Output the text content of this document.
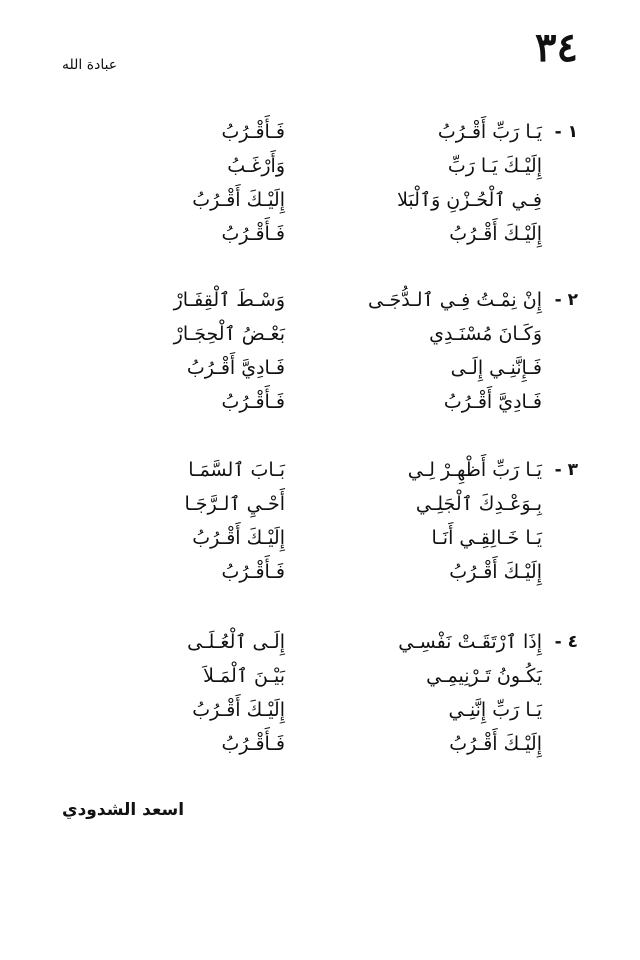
٣٤
عبادة الله
١ -
يَـا رَبِّ أَقْـرُبُ
إِلَيْـكَ يَـا رَبِّ
فِـي ٱلْحُـزْنِ وَٱلْبَلا
إِلَيْـكَ أَقْـرُبُ
فَـأَقْـرُبُ
وَأَرْغَـبُ
إِلَيْـكَ أَقْـرُبُ
فَـأَقْـرُبُ
٢ -
إِنْ نِمْـتُ فِـي ٱلـدُّجَـى
وَكَـانَ مُسْنَـدِي
فَـإِنَّنِـي إِلَـى
فَـادِيَّ أَقْـرُبُ
وَسْـطَ ٱلْقِفَـارْ
بَعْـضُ ٱلْحِجَـارْ
فَـادِيَّ أَقْـرُبُ
فَـأَقْـرُبُ
٣ -
يَـا رَبِّ أَظْهِـرْ لِـي
بِـوَعْـدِكَ ٱلْجَلِـي
يَـا خَـالِقِـي أَنَـا
إِلَيْـكَ أَقْـرُبُ
بَـابَ ٱلسَّمَـا
أَحْـيِ ٱلـرَّجَـا
إِلَيْـكَ أَقْـرُبُ
فَـأَقْـرُبُ
٤ -
إِذَا ٱرْتَقَـتْ نَفْسِـي
يَكُـونُ تَـرْنِيمِـي
يَـا رَبِّ إِنَّنِـي
إِلَيْـكَ أَقْـرُبُ
إِلَـى ٱلْعُـلَـى
بَيْـنَ ٱلْمَـلاَ
إِلَيْـكَ أَقْـرُبُ
فَـأَقْـرُبُ
اسعد الشدودي
